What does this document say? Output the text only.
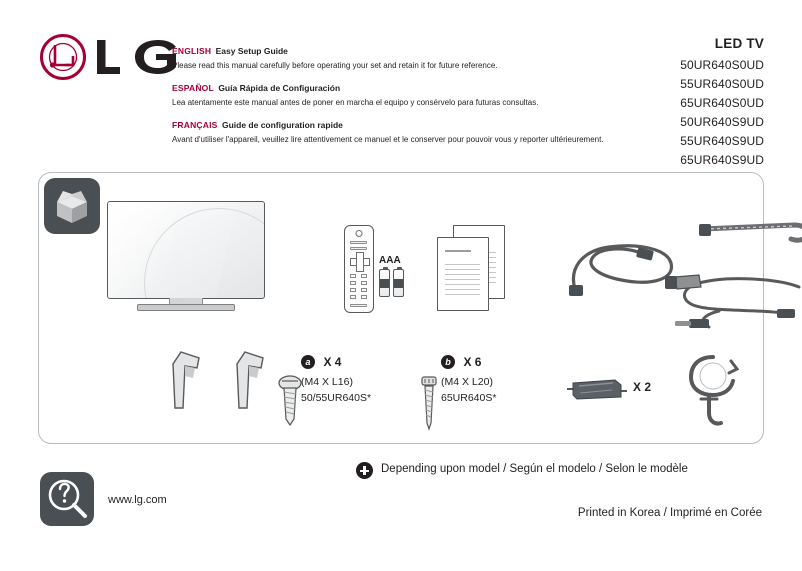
ENGLISH Easy Setup Guide

Please read this manual carefully before operating your set and retain it for future reference.

ESPAÑOL Guía Rápida de Configuración

Lea atentamente este manual antes de poner en marcha el equipo y consérvelo para futuras consultas.

FRANÇAIS Guide de configuration rapide

Avant d'utiliser l'appareil, veuillez lire attentivement ce manuel et le conserver pour pouvoir vous y reporter ultérieurement.

LED TV
50UR640S0UD
55UR640S0UD
65UR640S0UD
50UR640S9UD
55UR640S9UD
65UR640S9UD
AAA
a X 4
(M4 X L16)
50/55UR640S*
b X 6
(M4 X L20)
65UR640S*
X 2
Depending upon model / Según el modelo / Selon le modèle
www.lg.com
Printed in Korea / Imprimé en Corée
